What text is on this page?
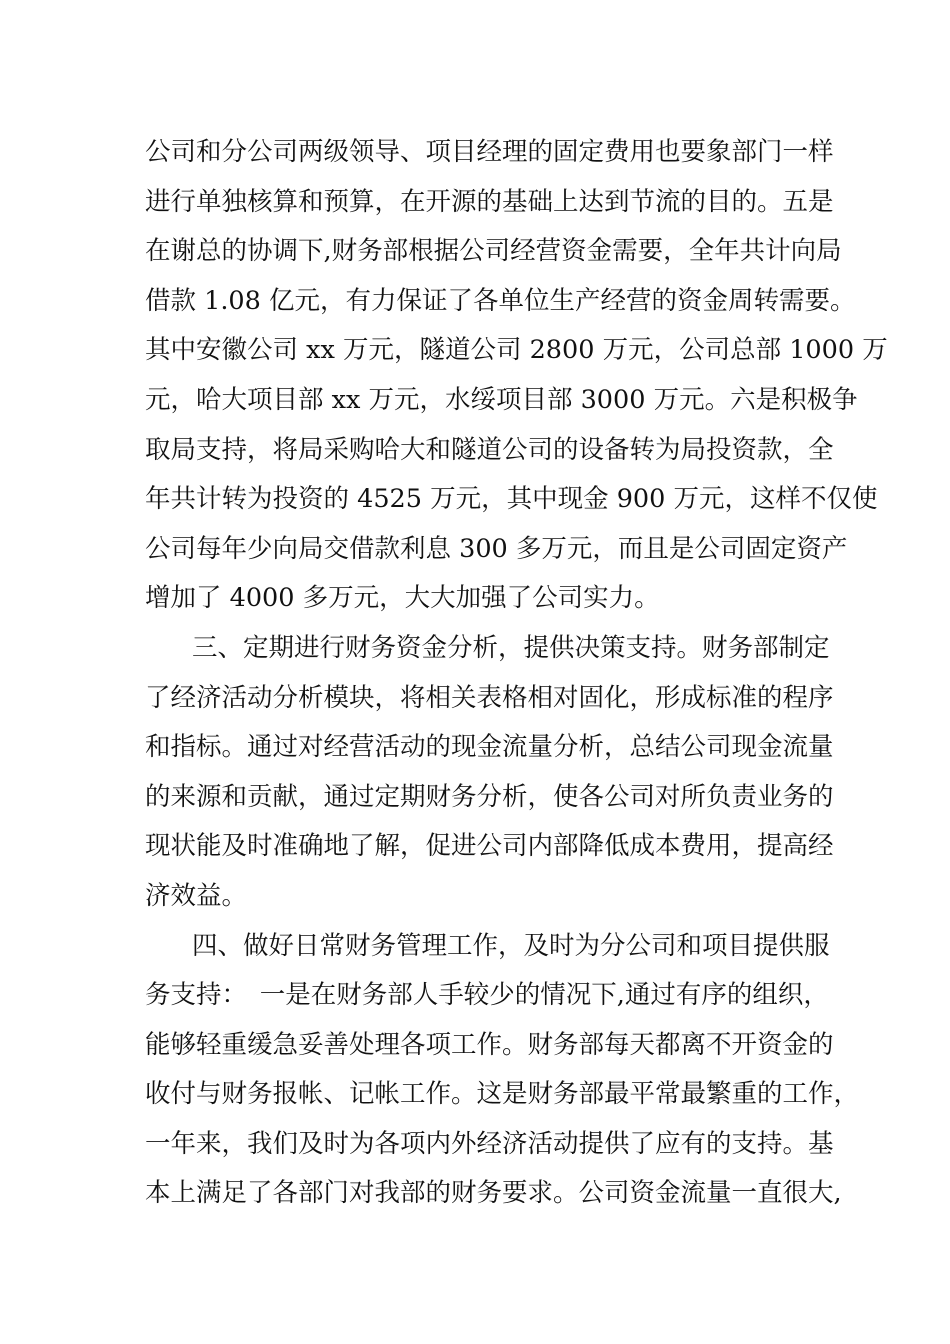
公司和分公司两级领导、项目经理的固定费用也要象部门一样
进行单独核算和预算，在开源的基础上达到节流的目的。五是
在谢总的协调下,财务部根据公司经营资金需要，全年共计向局
借款 1.08 亿元，有力保证了各单位生产经营的资金周转需要。
其中安徽公司 xx 万元，隧道公司 2800 万元，公司总部 1000 万
元，哈大项目部 xx 万元，水绥项目部 3000 万元。六是积极争
取局支持，将局采购哈大和隧道公司的设备转为局投资款，全
年共计转为投资的 4525 万元，其中现金 900 万元，这样不仅使
公司每年少向局交借款利息 300 多万元，而且是公司固定资产
增加了 4000 多万元，大大加强了公司实力。

三、定期进行财务资金分析，提供决策支持。财务部制定
了经济活动分析模块，将相关表格相对固化，形成标准的程序
和指标。通过对经营活动的现金流量分析，总结公司现金流量
的来源和贡献，通过定期财务分析，使各公司对所负责业务的
现状能及时准确地了解，促进公司内部降低成本费用，提高经
济效益。

四、做好日常财务管理工作，及时为分公司和项目提供服
务支持：　一是在财务部人手较少的情况下,通过有序的组织，
能够轻重缓急妥善处理各项工作。财务部每天都离不开资金的
收付与财务报帐、记帐工作。这是财务部最平常最繁重的工作，
一年来，我们及时为各项内外经济活动提供了应有的支持。基
本上满足了各部门对我部的财务要求。公司资金流量一直很大,
